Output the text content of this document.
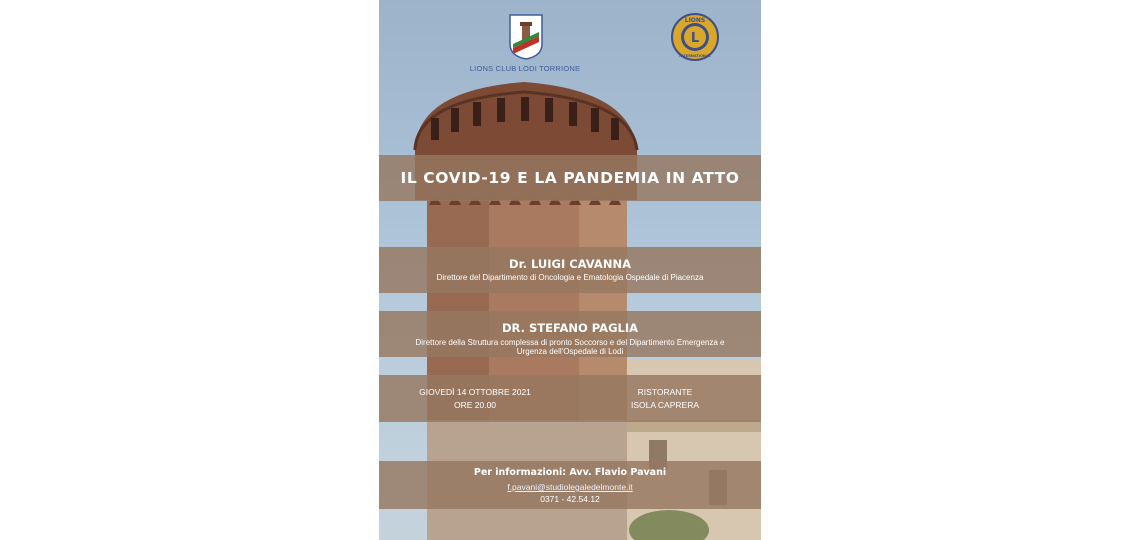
LIONS CLUB LODI TORRIONE
L
LIONS
INTERNATIONAL
IL COVID-19 E LA PANDEMIA IN ATTO
Dr. LUIGI CAVANNA
Direttore del Dipartimento di Oncologia e Ematologia Ospedale di Piacenza
DR. STEFANO PAGLIA
Direttore della Struttura complessa di pronto Soccorso e del Dipartimento Emergenza e
Urgenza dell'Ospedale di Lodi
GIOVEDÌ 14 OTTOBRE 2021
ORE 20.00
RISTORANTE
ISOLA CAPRERA
Per informazioni: Avv. Flavio Pavani
f.pavani@studiolegaledelmonte.it
0371 - 42.54.12
